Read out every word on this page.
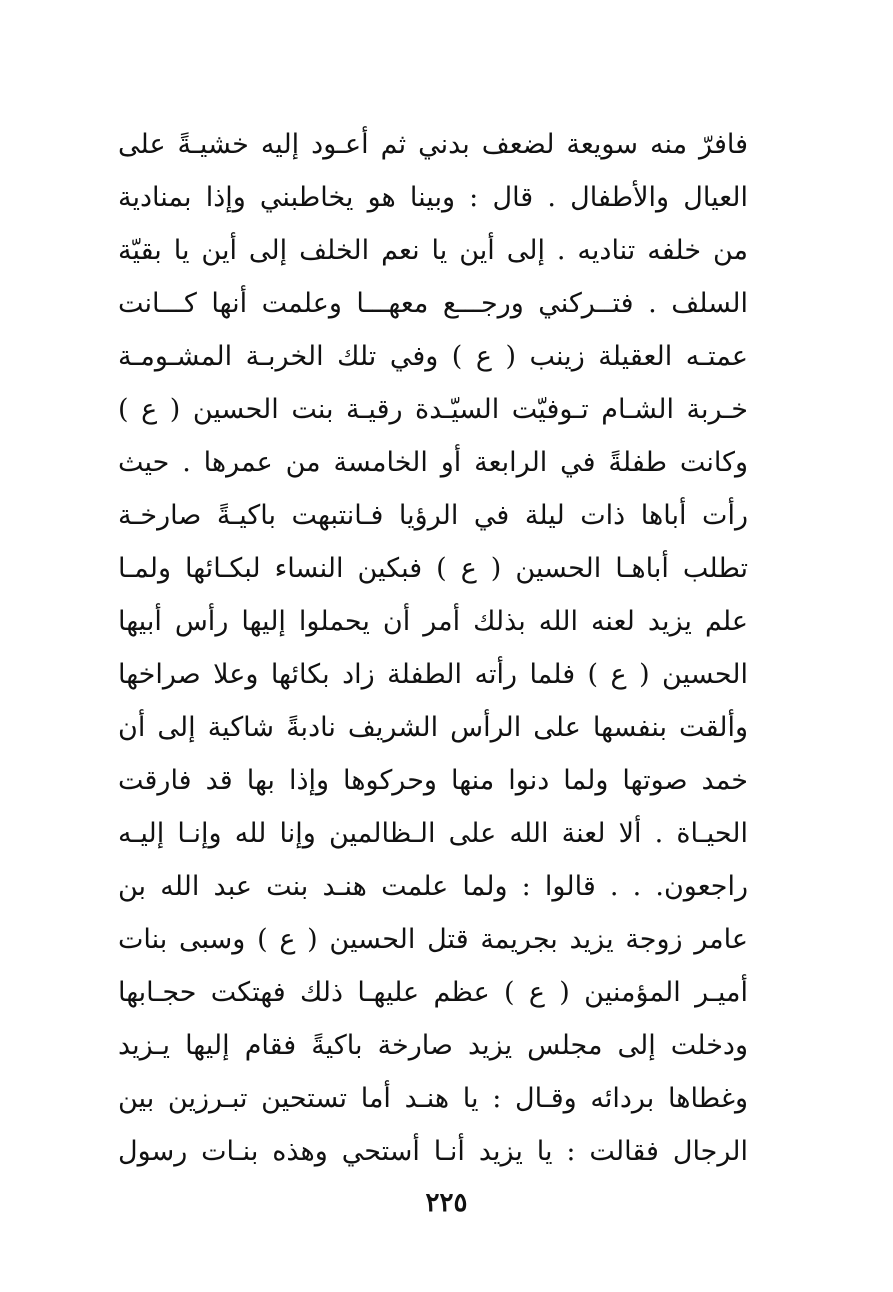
فافرّ منه سويعة لضعف بدني ثم أعـود إليه خشيـةً على
العيال والأطفال . قال : وبينا هو يخاطبني وإذا بمنادية
من خلفه تناديه . إلى أين يا نعم الخلف إلى أين يا بقيّة
السلف . فتــركني ورجـــع معهـــا وعلمت أنها كـــانت
عمتـه العقيلة زينب ( ع ) وفي تلك الخربـة المشـومـة
خـربة الشـام تـوفيّت السيّـدة رقيـة بنت الحسين ( ع )
وكانت طفلةً في الرابعة أو الخامسة من عمرها . حيث
رأت أباها ذات ليلة في الرؤيا فـانتبهت باكيـةً صارخـة
تطلب أباهـا الحسين ( ع ) فبكين النساء لبكـائها ولمـا
علم يزيد لعنه الله بذلك أمر أن يحملوا إليها رأس أبيها
الحسين ( ع ) فلما رأته الطفلة زاد بكائها وعلا صراخها
وألقت بنفسها على الرأس الشريف نادبةً شاكية إلى أن
خمد صوتها ولما دنوا منها وحركوها وإذا بها قد فارقت
الحيـاة . ألا لعنة الله على الـظالمين وإنا لله وإنـا إليـه
راجعون. . . قالوا : ولما علمت هنـد بنت عبد الله بن
عامر زوجة يزيد بجريمة قتل الحسين ( ع ) وسبى بنات
أميـر المؤمنين ( ع ) عظم عليهـا ذلك فهتكت حجـابها
ودخلت إلى مجلس يزيد صارخة باكيةً فقام إليها يـزيد
وغطاها بردائه وقـال : يا هنـد أما تستحين تبـرزين بين
الرجال فقالت : يا يزيد أنـا أستحي وهذه بنـات رسول
٢٢٥
